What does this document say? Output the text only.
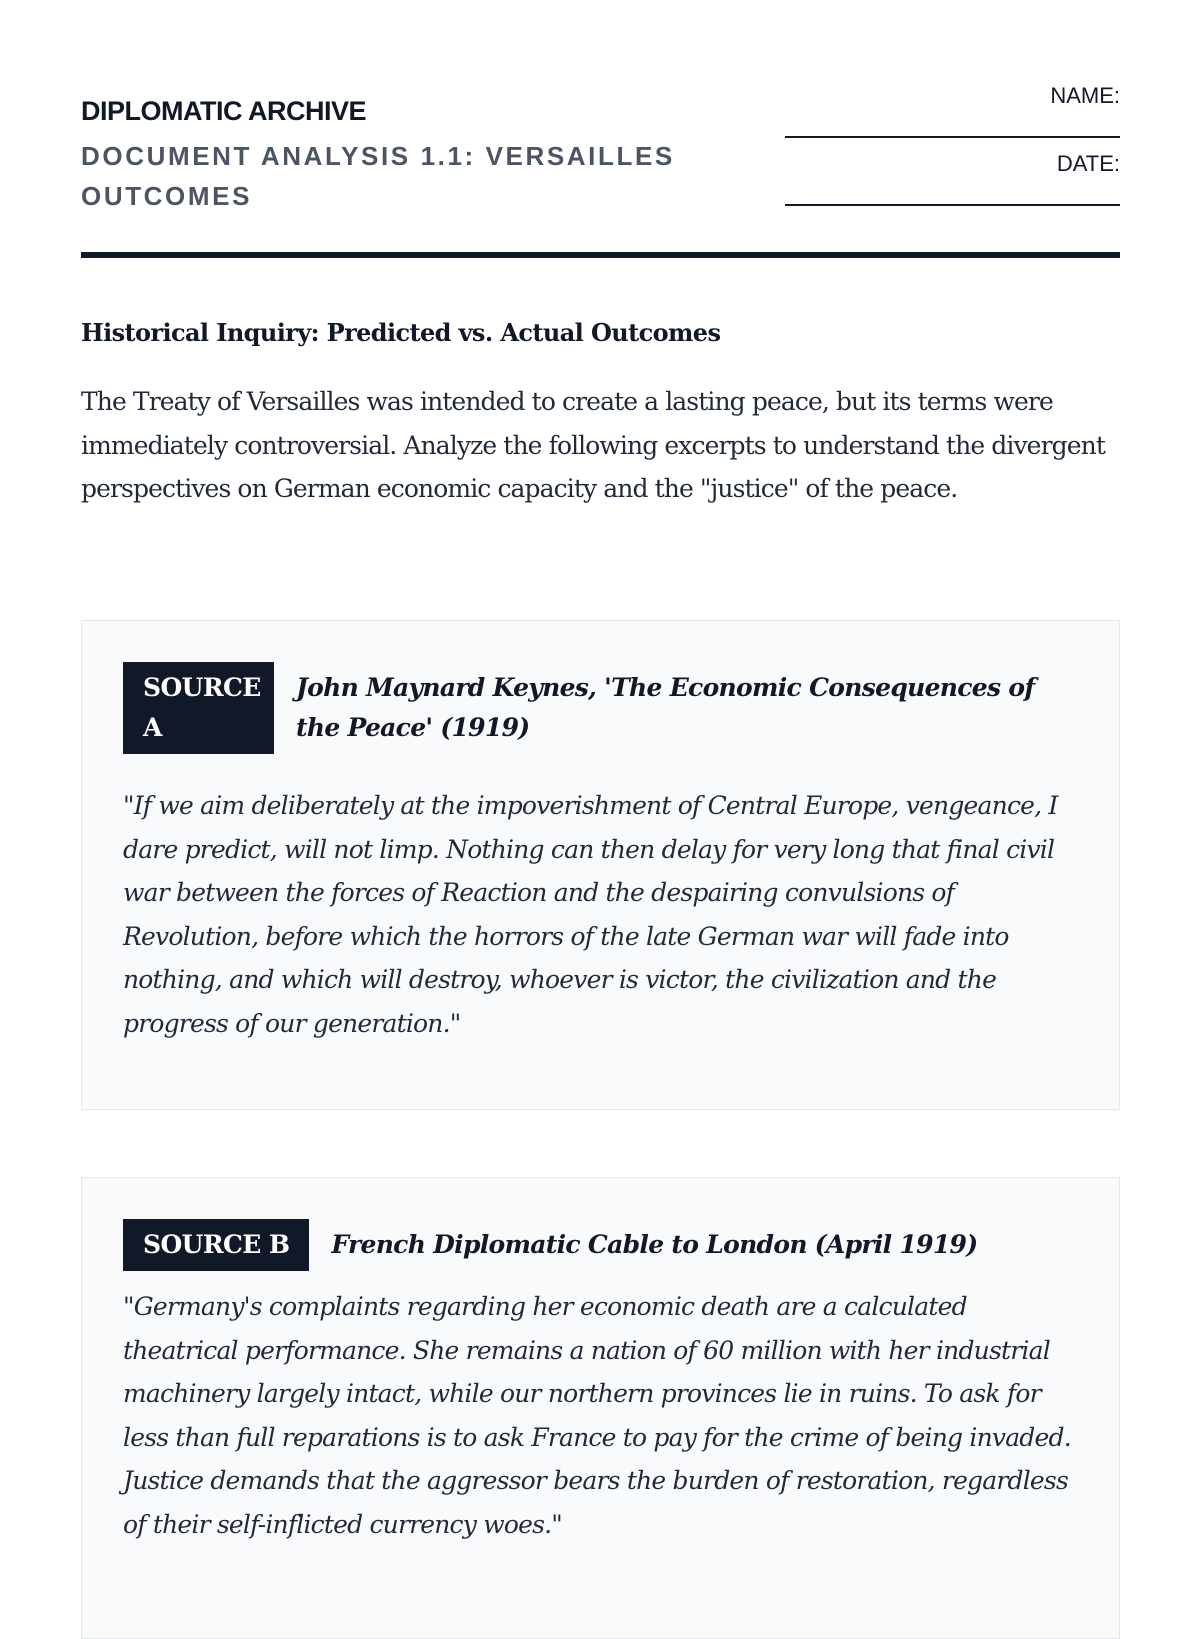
DIPLOMATIC ARCHIVE
DOCUMENT ANALYSIS 1.1: VERSAILLES OUTCOMES
NAME:
DATE:
Historical Inquiry: Predicted vs. Actual Outcomes

The Treaty of Versailles was intended to create a lasting peace, but its terms were immediately controversial. Analyze the following excerpts to understand the divergent perspectives on German economic capacity and the "justice" of the peace.

SOURCE A
John Maynard Keynes, 'The Economic Consequences of the Peace' (1919)

"If we aim deliberately at the impoverishment of Central Europe, vengeance, I dare predict, will not limp. Nothing can then delay for very long that final civil war between the forces of Reaction and the despairing convulsions of Revolution, before which the horrors of the late German war will fade into nothing, and which will destroy, whoever is victor, the civilization and the progress of our generation."

SOURCE B	French Diplomatic Cable to London (April 1919)

"Germany's complaints regarding her economic death are a calculated theatrical performance. She remains a nation of 60 million with her industrial machinery largely intact, while our northern provinces lie in ruins. To ask for less than full reparations is to ask France to pay for the crime of being invaded. Justice demands that the aggressor bears the burden of restoration, regardless of their self-inflicted currency woes."
